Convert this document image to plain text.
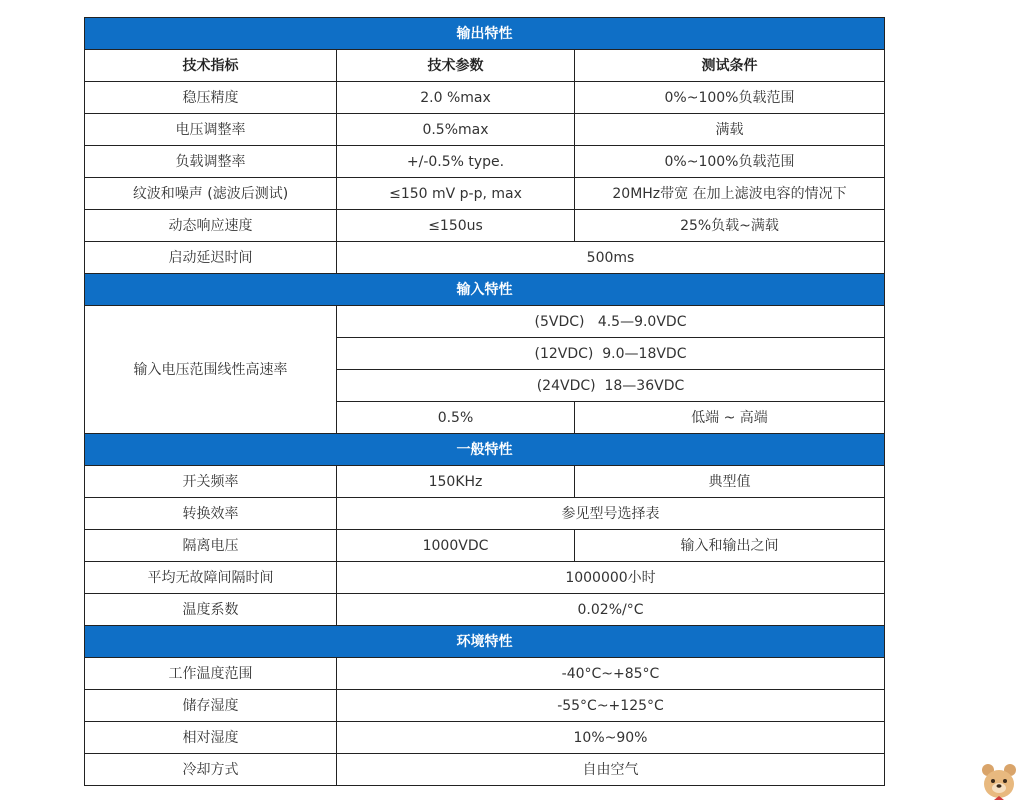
输出特性		
技术指标	技术参数	测试条件
稳压精度	2.0 %max	0%~100%负载范围
电压调整率	0.5%max	满载
负载调整率	+/-0.5% type.	0%~100%负载范围
纹波和噪声 (滤波后测试)	≤150 mV p-p, max	20MHz带宽 在加上滤波电容的情况下
动态响应速度	≤150us	25%负载~满载
启动延迟时间	500ms	
输入特性		
输入电压范围线性高速率	(5VDC)   4.5—9.0VDC	
	(12VDC)  9.0—18VDC	
	(24VDC)  18—36VDC	
	0.5%	低端 ~ 高端
一般特性		
开关频率	150KHz	典型值
转换效率	参见型号选择表	
隔离电压	1000VDC	输入和输出之间
平均无故障间隔时间	1000000小时	
温度系数	0.02%/°C	
环境特性		
工作温度范围	-40°C~+85°C	
储存湿度	-55°C~+125°C	
相对湿度	10%~90%	
冷却方式	自由空气	
